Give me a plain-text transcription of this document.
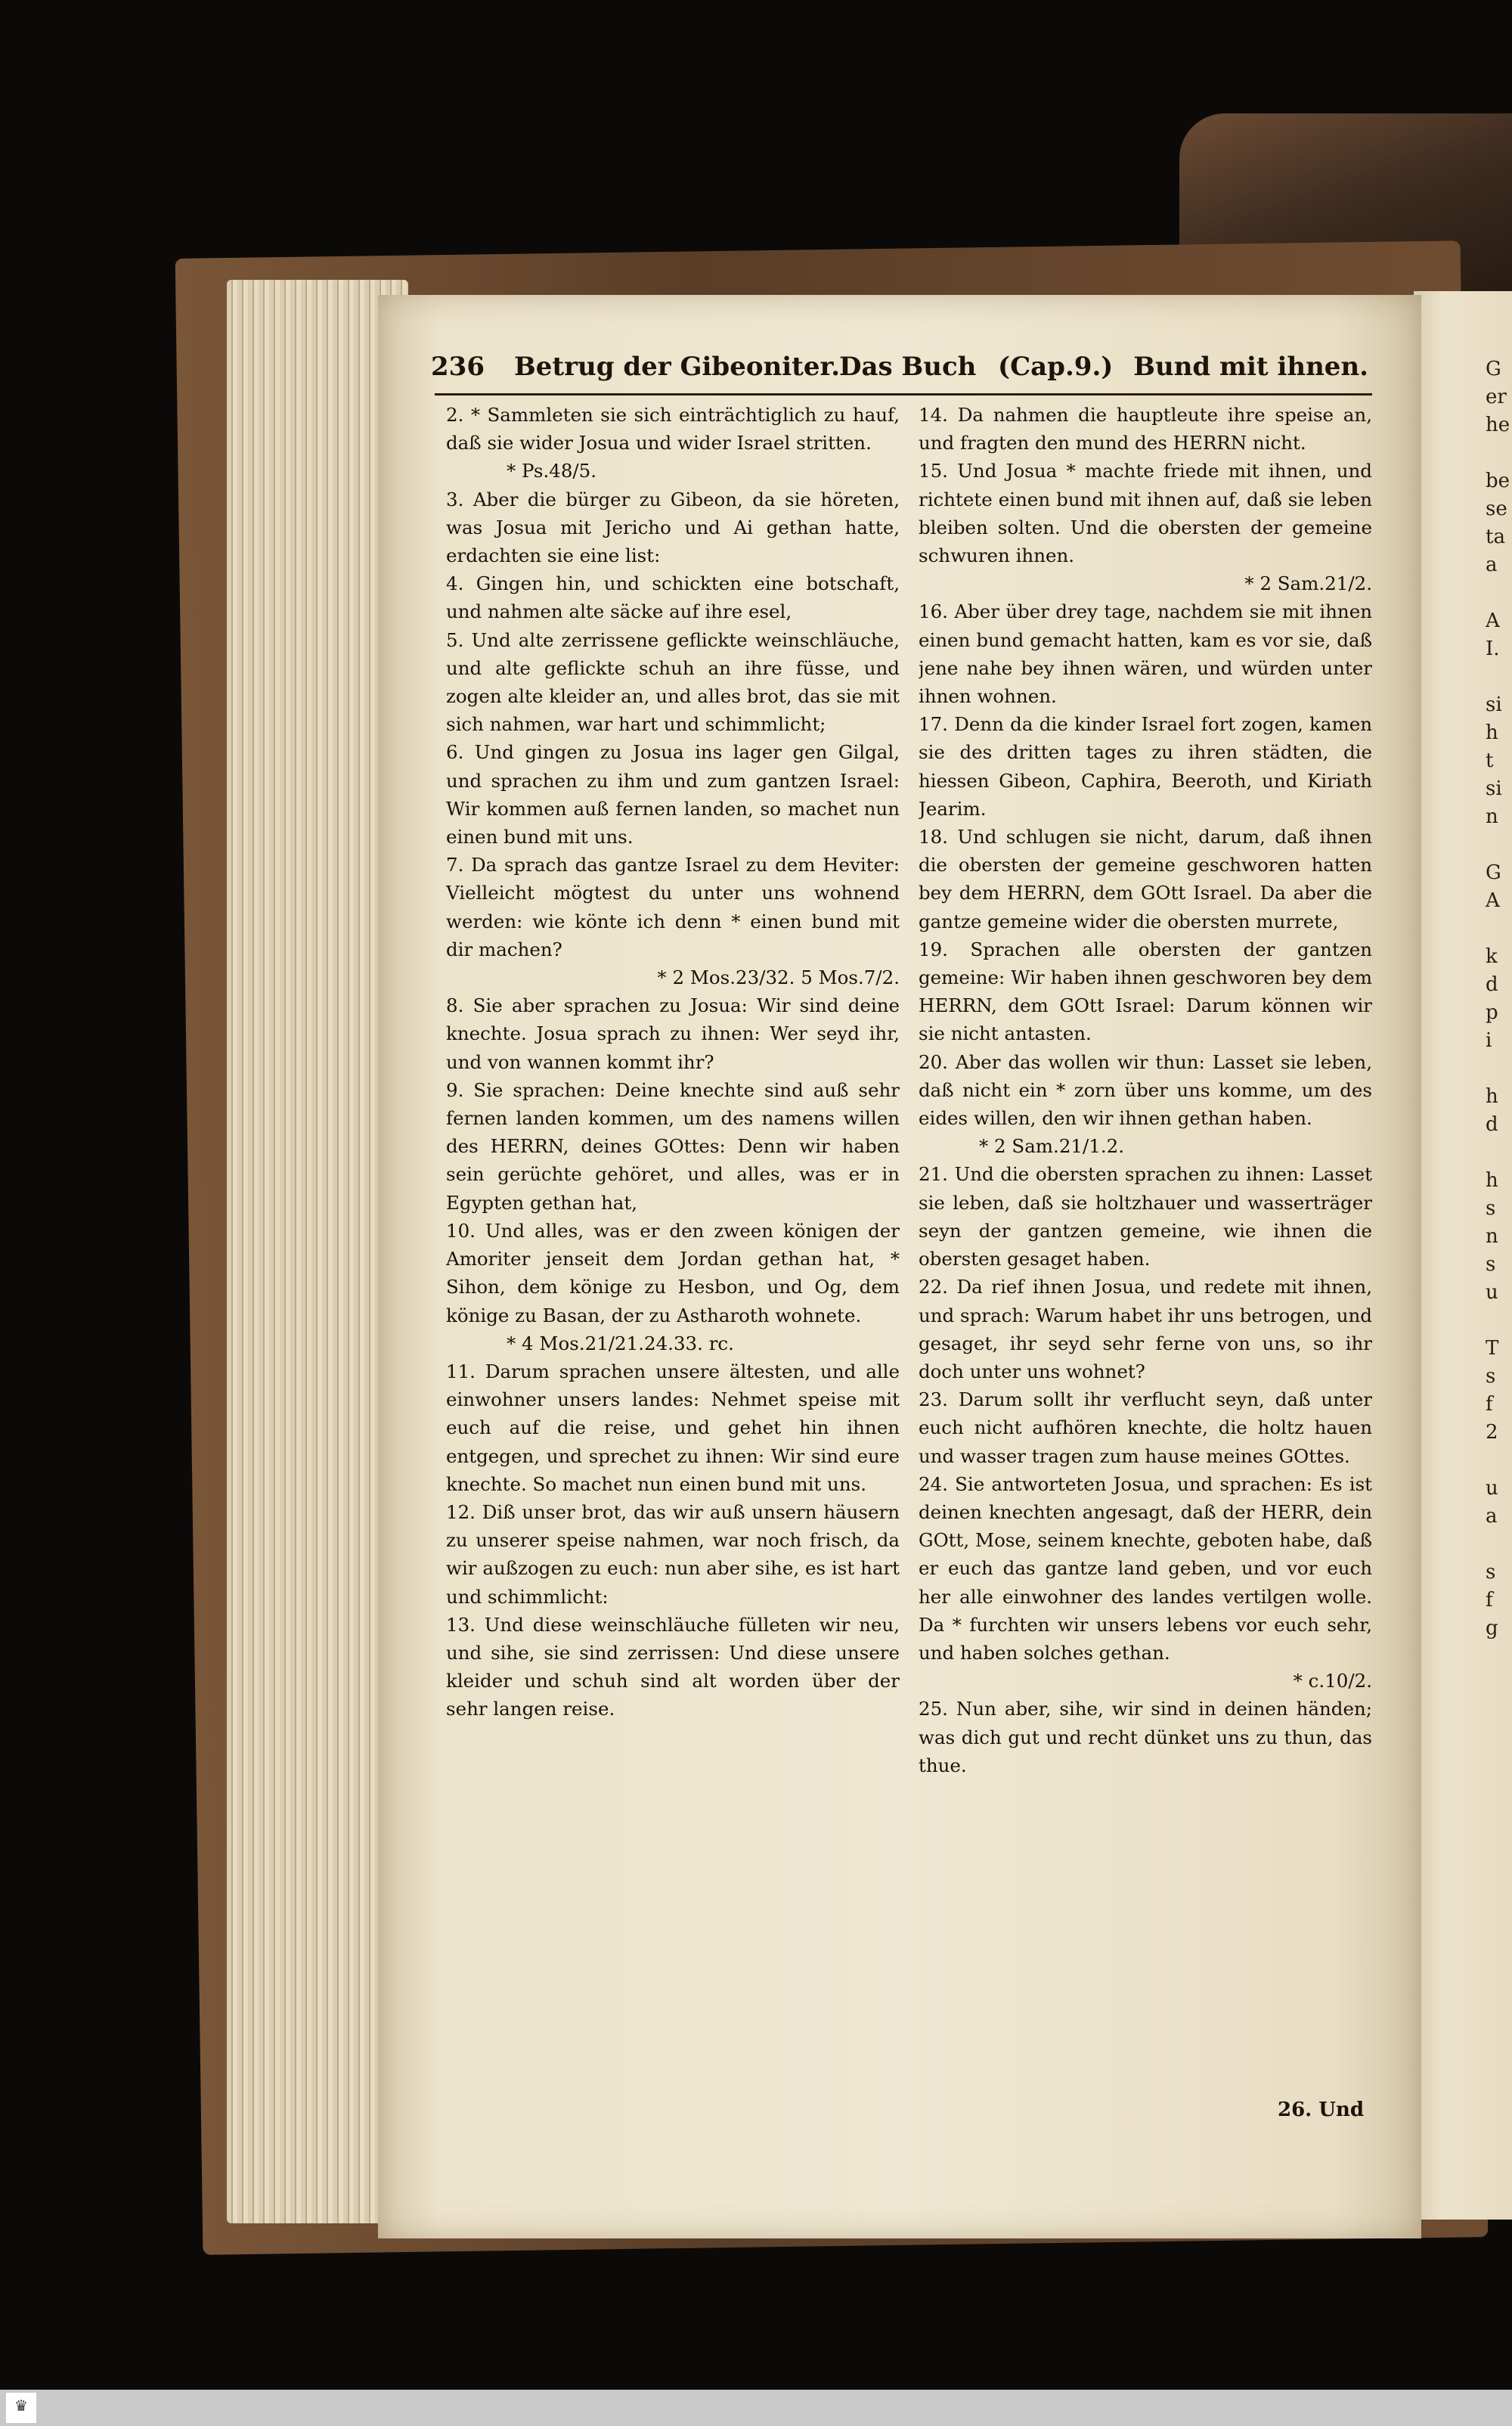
236 Betrug der Gibeoniter.
Das Buch (Cap.9.) Bund mit ihnen.

2. * Sammleten sie sich einträchtiglich zu hauf, daß sie wider Josua und wider Israel stritten.

* Ps.48/5.

3. Aber die bürger zu Gibeon, da sie höreten, was Josua mit Jericho und Ai gethan hatte, erdachten sie eine list:

4. Gingen hin, und schickten eine botschaft, und nahmen alte säcke auf ihre esel,

5. Und alte zerrissene geflickte weinschläuche, und alte geflickte schuh an ihre füsse, und zogen alte kleider an, und alles brot, das sie mit sich nahmen, war hart und schimmlicht;

6. Und gingen zu Josua ins lager gen Gilgal, und sprachen zu ihm und zum gantzen Israel: Wir kommen auß fernen landen, so machet nun einen bund mit uns.

7. Da sprach das gantze Israel zu dem Heviter: Vielleicht mögtest du unter uns wohnend werden: wie könte ich denn * einen bund mit dir machen?

* 2 Mos.23/32. 5 Mos.7/2.

8. Sie aber sprachen zu Josua: Wir sind deine knechte. Josua sprach zu ihnen: Wer seyd ihr, und von wannen kommt ihr?

9. Sie sprachen: Deine knechte sind auß sehr fernen landen kommen, um des namens willen des HERRN, deines GOttes: Denn wir haben sein gerüchte gehöret, und alles, was er in Egypten gethan hat,

10. Und alles, was er den zween königen der Amoriter jenseit dem Jordan gethan hat, * Sihon, dem könige zu Hesbon, und Og, dem könige zu Basan, der zu Astharoth wohnete.

* 4 Mos.21/21.24.33. rc.

11. Darum sprachen unsere ältesten, und alle einwohner unsers landes: Nehmet speise mit euch auf die reise, und gehet hin ihnen entgegen, und sprechet zu ihnen: Wir sind eure knechte. So machet nun einen bund mit uns.

12. Diß unser brot, das wir auß unsern häusern zu unserer speise nahmen, war noch frisch, da wir außzogen zu euch: nun aber sihe, es ist hart und schimmlicht:

13. Und diese weinschläuche fülleten wir neu, und sihe, sie sind zerrissen: Und diese unsere kleider und schuh sind alt worden über der sehr langen reise.

14. Da nahmen die hauptleute ihre speise an, und fragten den mund des HERRN nicht.

15. Und Josua * machte friede mit ihnen, und richtete einen bund mit ihnen auf, daß sie leben bleiben solten. Und die obersten der gemeine schwuren ihnen.

* 2 Sam.21/2.

16. Aber über drey tage, nachdem sie mit ihnen einen bund gemacht hatten, kam es vor sie, daß jene nahe bey ihnen wären, und würden unter ihnen wohnen.

17. Denn da die kinder Israel fort zogen, kamen sie des dritten tages zu ihren städten, die hiessen Gibeon, Caphira, Beeroth, und Kiriath Jearim.

18. Und schlugen sie nicht, darum, daß ihnen die obersten der gemeine geschworen hatten bey dem HERRN, dem GOtt Israel. Da aber die gantze gemeine wider die obersten murrete,

19. Sprachen alle obersten der gantzen gemeine: Wir haben ihnen geschworen bey dem HERRN, dem GOtt Israel: Darum können wir sie nicht antasten.

20. Aber das wollen wir thun: Lasset sie leben, daß nicht ein * zorn über uns komme, um des eides willen, den wir ihnen gethan haben.

* 2 Sam.21/1.2.

21. Und die obersten sprachen zu ihnen: Lasset sie leben, daß sie holtzhauer und wasserträger seyn der gantzen gemeine, wie ihnen die obersten gesaget haben.

22. Da rief ihnen Josua, und redete mit ihnen, und sprach: Warum habet ihr uns betrogen, und gesaget, ihr seyd sehr ferne von uns, so ihr doch unter uns wohnet?

23. Darum sollt ihr verflucht seyn, daß unter euch nicht aufhören knechte, die holtz hauen und wasser tragen zum hause meines GOttes.

24. Sie antworteten Josua, und sprachen: Es ist deinen knechten angesagt, daß der HERR, dein GOtt, Mose, seinem knechte, geboten habe, daß er euch das gantze land geben, und vor euch her alle einwohner des landes vertilgen wolle. Da * furchten wir unsers lebens vor euch sehr, und haben solches gethan.

* c.10/2.

25. Nun aber, sihe, wir sind in deinen händen; was dich gut und recht dünket uns zu thun, das thue.

26. Und
G
er
he

be
se
ta
a

A
I.

si
h
t
si
n

G
A

k
d
p
i

h
d

h
s
n
s
u

T
s
f
2

u
a

s
f
g
♛
